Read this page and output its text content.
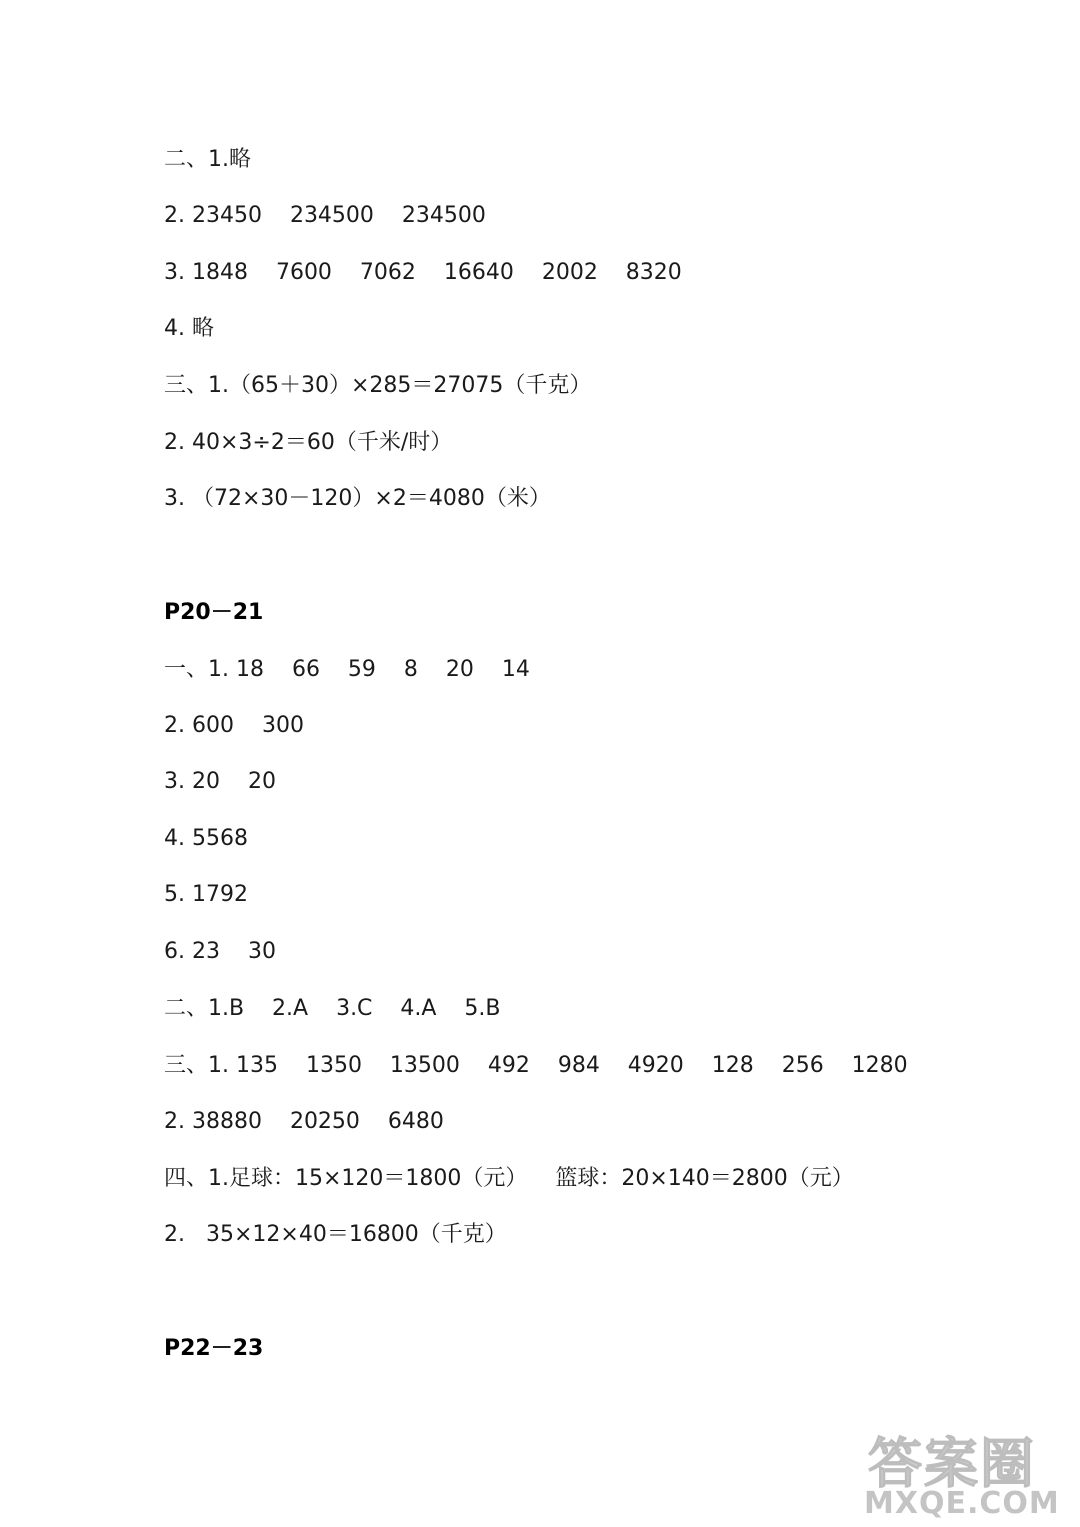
二、1.略
2. 23450    234500    234500
3. 1848    7600    7062    16640    2002    8320
4. 略
三、1.（65＋30）×285＝27075（千克）
2. 40×3÷2＝60（千米/时）
3. （72×30－120）×2＝4080（米）
P20－21
一、1. 18    66    59    8    20    14
2. 600    300
3. 20    20
4. 5568
5. 1792
6. 23    30
二、1.B    2.A    3.C    4.A    5.B
三、1. 135    1350    13500    492    984    4920    128    256    1280
2. 38880    20250    6480
四、1.足球：15×120＝1800（元）    篮球：20×140＝2800（元）
2.   35×12×40＝16800（千克）
P22－23
答案圈
MXQE.COM
